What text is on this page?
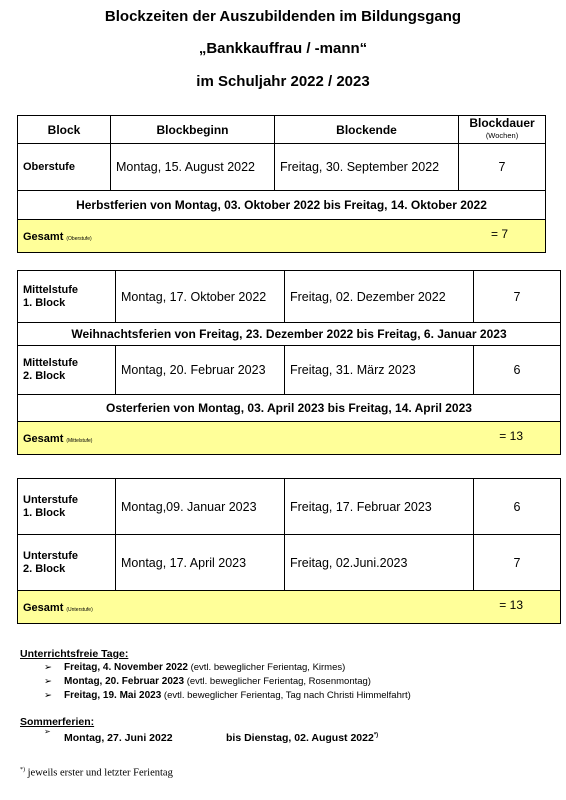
Blockzeiten der Auszubildenden im Bildungsgang
„Bankkauffrau / -mann“
im Schuljahr 2022 / 2023
Block	Blockbeginn	Blockende	Blockdauer
(Wochen)

Oberstufe	Montag, 15. August 2022	Freitag, 30. September 2022	7
Herbstferien von Montag, 03. Oktober 2022 bis Freitag, 14. Oktober 2022			
Gesamt (Oberstufe) = 7			
Mittelstufe
1. Block	Montag, 17. Oktober 2022	Freitag, 02. Dezember 2022	7
Weihnachtsferien von Freitag, 23. Dezember 2022 bis Freitag, 6. Januar 2023			
Mittelstufe
2. Block	Montag, 20. Februar 2023	Freitag, 31. März 2023	6
Osterferien von Montag, 03. April 2023 bis Freitag, 14. April 2023			
Gesamt (Mittelstufe) = 13			
Unterstufe
1. Block	Montag,09. Januar 2023	Freitag, 17. Februar 2023	6
Unterstufe
2. Block	Montag, 17. April 2023	Freitag, 02.Juni.2023	7
Gesamt (Unterstufe) = 13			
Unterrichtsfreie Tage:
➢ Freitag, 4. November 2022 (evtl. beweglicher Ferientag, Kirmes)
➢ Montag, 20. Februar 2023 (evtl. beweglicher Ferientag, Rosenmontag)
➢ Freitag, 19. Mai 2023 (evtl. beweglicher Ferientag, Tag nach Christi Himmelfahrt)
Sommerferien:
➢
Montag, 27. Juni 2022	bis Dienstag, 02. August 2022*)
*) jeweils erster und letzter Ferientag
